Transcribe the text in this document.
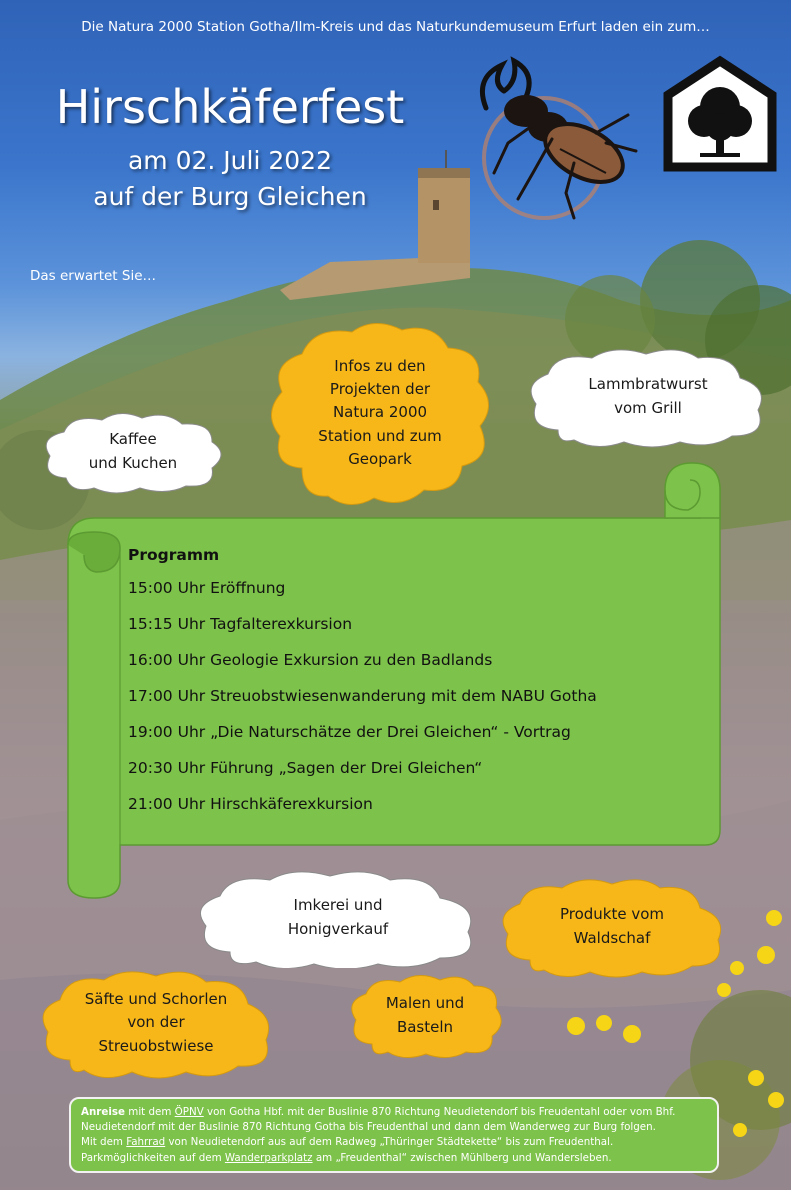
Die Natura 2000 Station Gotha/Ilm-Kreis und das Naturkundemuseum Erfurt laden ein zum…
Hirschkäferfest
am 02. Juli 2022
auf der Burg Gleichen
Das erwartet Sie…
Kaffee
und Kuchen
Infos zu den
Projekten der
Natura 2000
Station und zum
Geopark
Lammbratwurst
vom Grill
Imkerei und
Honigverkauf
Produkte vom
Waldschaf
Säfte und Schorlen
von der
Streuobstwiese
Malen und
Basteln
Programm
15:00 Uhr Eröffnung
15:15 Uhr Tagfalterexkursion
16:00 Uhr Geologie Exkursion zu den Badlands
17:00 Uhr Streuobstwiesenwanderung mit dem NABU Gotha
19:00 Uhr „Die Naturschätze der Drei Gleichen“ - Vortrag
20:30 Uhr Führung „Sagen der Drei Gleichen“
21:00 Uhr Hirschkäferexkursion

Anreise mit dem ÖPNV von Gotha Hbf. mit der Buslinie 870 Richtung Neudietendorf bis Freudentahl oder vom Bhf.

Neudietendorf mit der Buslinie 870 Richtung Gotha bis Freudenthal und dann dem Wanderweg zur Burg folgen.

Mit dem Fahrrad von Neudietendorf aus auf dem Radweg „Thüringer Städtekette“ bis zum Freudenthal.

Parkmöglichkeiten auf dem Wanderparkplatz am „Freudenthal“ zwischen Mühlberg und Wandersleben.
